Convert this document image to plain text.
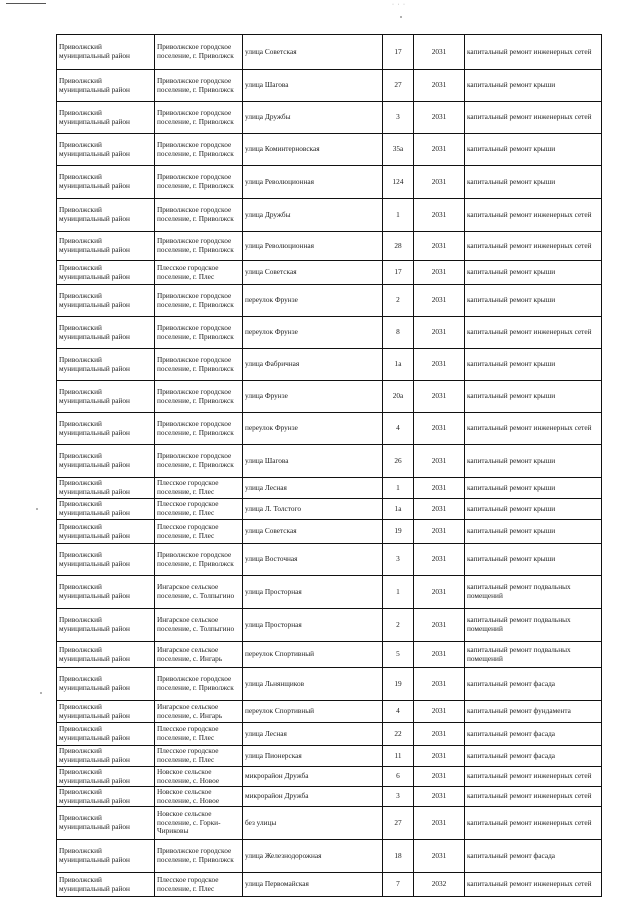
· · ·
Приволжский муниципальный район	Приволжское городское поселение, г. Приволжск	улица Советская	17	2031	капитальный ремонт инженерных сетей
Приволжский муниципальный район	Приволжское городское поселение, г. Приволжск	улица Шагова	27	2031	капитальный ремонт крыши
Приволжский муниципальный район	Приволжское городское поселение, г. Приволжск	улица Дружбы	3	2031	капитальный ремонт инженерных сетей
Приволжский муниципальный район	Приволжское городское поселение, г. Приволжск	улица Коминтерновская	35а	2031	капитальный ремонт крыши
Приволжский муниципальный район	Приволжское городское поселение, г. Приволжск	улица Революционная	124	2031	капитальный ремонт крыши
Приволжский муниципальный район	Приволжское городское поселение, г. Приволжск	улица Дружбы	1	2031	капитальный ремонт инженерных сетей
Приволжский муниципальный район	Приволжское городское поселение, г. Приволжск	улица Революционная	28	2031	капитальный ремонт инженерных сетей
Приволжский муниципальный район	Плесское городское поселение, г. Плес	улица Советская	17	2031	капитальный ремонт крыши
Приволжский муниципальный район	Приволжское городское поселение, г. Приволжск	переулок Фрунзе	2	2031	капитальный ремонт крыши
Приволжский муниципальный район	Приволжское городское поселение, г. Приволжск	переулок Фрунзе	8	2031	капитальный ремонт инженерных сетей
Приволжский муниципальный район	Приволжское городское поселение, г. Приволжск	улица Фабричная	1а	2031	капитальный ремонт крыши
Приволжский муниципальный район	Приволжское городское поселение, г. Приволжск	улица Фрунзе	20а	2031	капитальный ремонт крыши
Приволжский муниципальный район	Приволжское городское поселение, г. Приволжск	переулок Фрунзе	4	2031	капитальный ремонт инженерных сетей
Приволжский муниципальный район	Приволжское городское поселение, г. Приволжск	улица Шагова	26	2031	капитальный ремонт крыши
Приволжский муниципальный район	Плесское городское поселение, г. Плес	улица Лесная	1	2031	капитальный ремонт крыши
Приволжский муниципальный район	Плесское городское поселение, г. Плес	улица Л. Толстого	1а	2031	капитальный ремонт крыши
Приволжский муниципальный район	Плесское городское поселение, г. Плес	улица Советская	19	2031	капитальный ремонт крыши
Приволжский муниципальный район	Приволжское городское поселение, г. Приволжск	улица Восточная	3	2031	капитальный ремонт крыши
Приволжский муниципальный район	Ингарское сельское поселение, с. Толпыгино	улица Просторная	1	2031	капитальный ремонт подвальных помещений
Приволжский муниципальный район	Ингарское сельское поселение, с. Толпыгино	улица Просторная	2	2031	капитальный ремонт подвальных помещений
Приволжский муниципальный район	Ингарское сельское поселение, с. Ингарь	переулок Спортивный	5	2031	капитальный ремонт подвальных помещений
Приволжский муниципальный район	Приволжское городское поселение, г. Приволжск	улица Льнянщиков	19	2031	капитальный ремонт фасада
Приволжский муниципальный район	Ингарское сельское поселение, с. Ингарь	переулок Спортивный	4	2031	капитальный ремонт фундамента
Приволжский муниципальный район	Плесское городское поселение, г. Плес	улица Лесная	22	2031	капитальный ремонт фасада
Приволжский муниципальный район	Плесское городское поселение, г. Плес	улица Пионерская	11	2031	капитальный ремонт фасада
Приволжский муниципальный район	Новское сельское поселение, с. Новое	микрорайон Дружба	6	2031	капитальный ремонт инженерных сетей
Приволжский муниципальный район	Новское сельское поселение, с. Новое	микрорайон Дружба	3	2031	капитальный ремонт инженерных сетей
Приволжский муниципальный район	Новское сельское поселение, с. Горки-Чириковы	без улицы	27	2031	капитальный ремонт инженерных сетей
Приволжский муниципальный район	Приволжское городское поселение, г. Приволжск	улица Железнодорожная	18	2031	капитальный ремонт фасада
Приволжский муниципальный район	Плесское городское поселение, г. Плес	улица Первомайская	7	2032	капитальный ремонт инженерных сетей
